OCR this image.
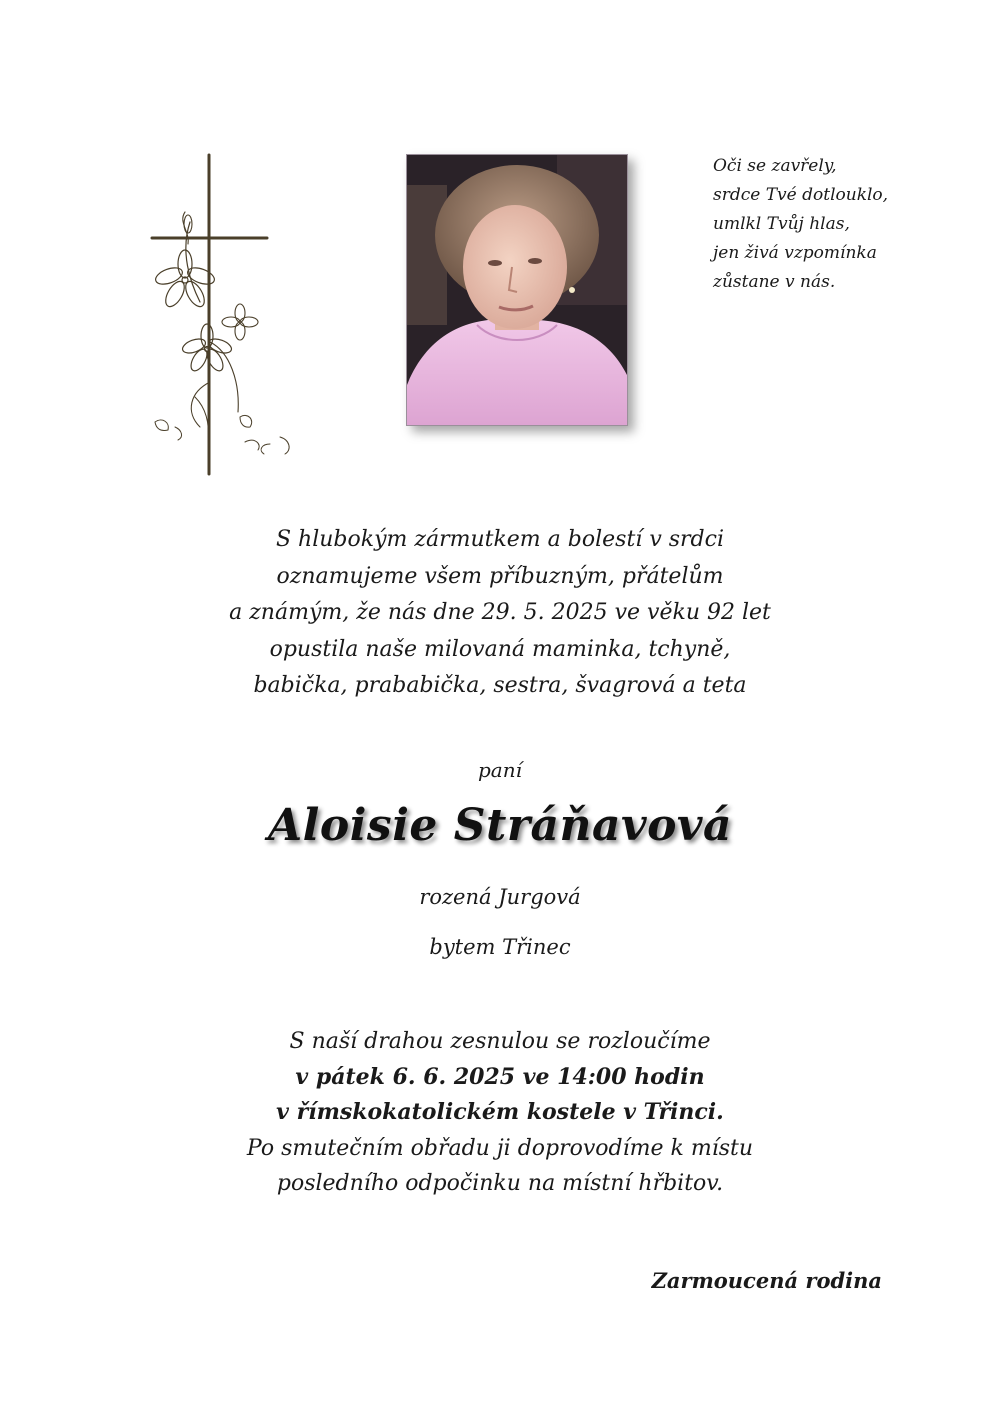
Oči se zavřely,
srdce Tvé dotlouklo,
umlkl Tvůj hlas,
jen živá vzpomínka
zůstane v nás.
S hlubokým zármutkem a bolestí v srdci
oznamujeme všem příbuzným, přátelům
a známým, že nás dne 29. 5. 2025 ve věku 92 let
opustila naše milovaná maminka, tchyně,
babička, prababička, sestra, švagrová a teta
paní
Aloisie Stráňavová
rozená Jurgová
bytem Třinec
S naší drahou zesnulou se rozloučíme
v pátek 6. 6. 2025 ve 14:00 hodin
v římskokatolickém kostele v Třinci.
Po smutečním obřadu ji doprovodíme k místu
posledního odpočinku na místní hřbitov.
Zarmoucená rodina
